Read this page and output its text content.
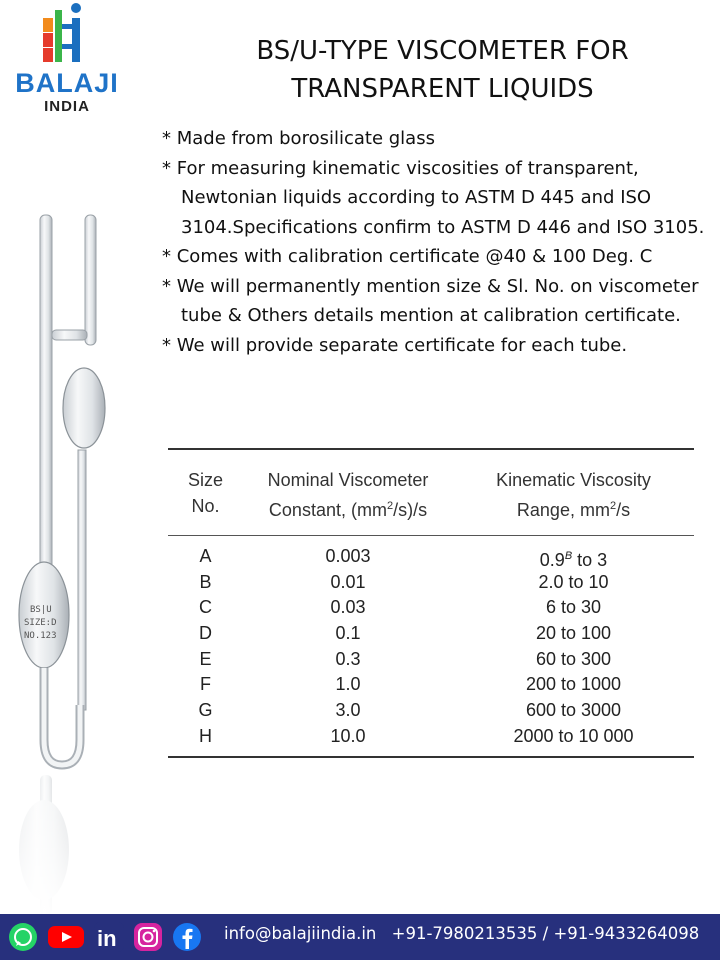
BALAJI
INDIA
BS/U-TYPE VISCOMETER FOR
TRANSPARENT LIQUIDS
* Made from borosilicate glass
* For measuring kinematic viscosities of transparent, Newtonian liquids according to ASTM D 445 and ISO 3104.Specifications confirm to ASTM D 446 and ISO 3105.
* Comes with calibration certificate @40 & 100 Deg. C
* We will permanently mention size & Sl. No. on viscometer tube & Others details mention at calibration certificate.
* We will provide separate certificate for each tube.
BS|U
SIZE:D
NO.123
Size
No.
Nominal Viscometer
Constant, $(mm^2/s)/s$
Kinematic Viscosity
Range, $mm^2/s$
A	0.003	$0.9^B$ to 3
B	0.01	2.0 to 10
C	0.03	6 to 30
D	0.1	20 to 100
E	0.3	60 to 300
F	1.0	200 to 1000
G	3.0	600 to 3000
H	10.0	2000 to 10 000
in	info@balajiindia.in +91-7980213535 / +91-9433264098
